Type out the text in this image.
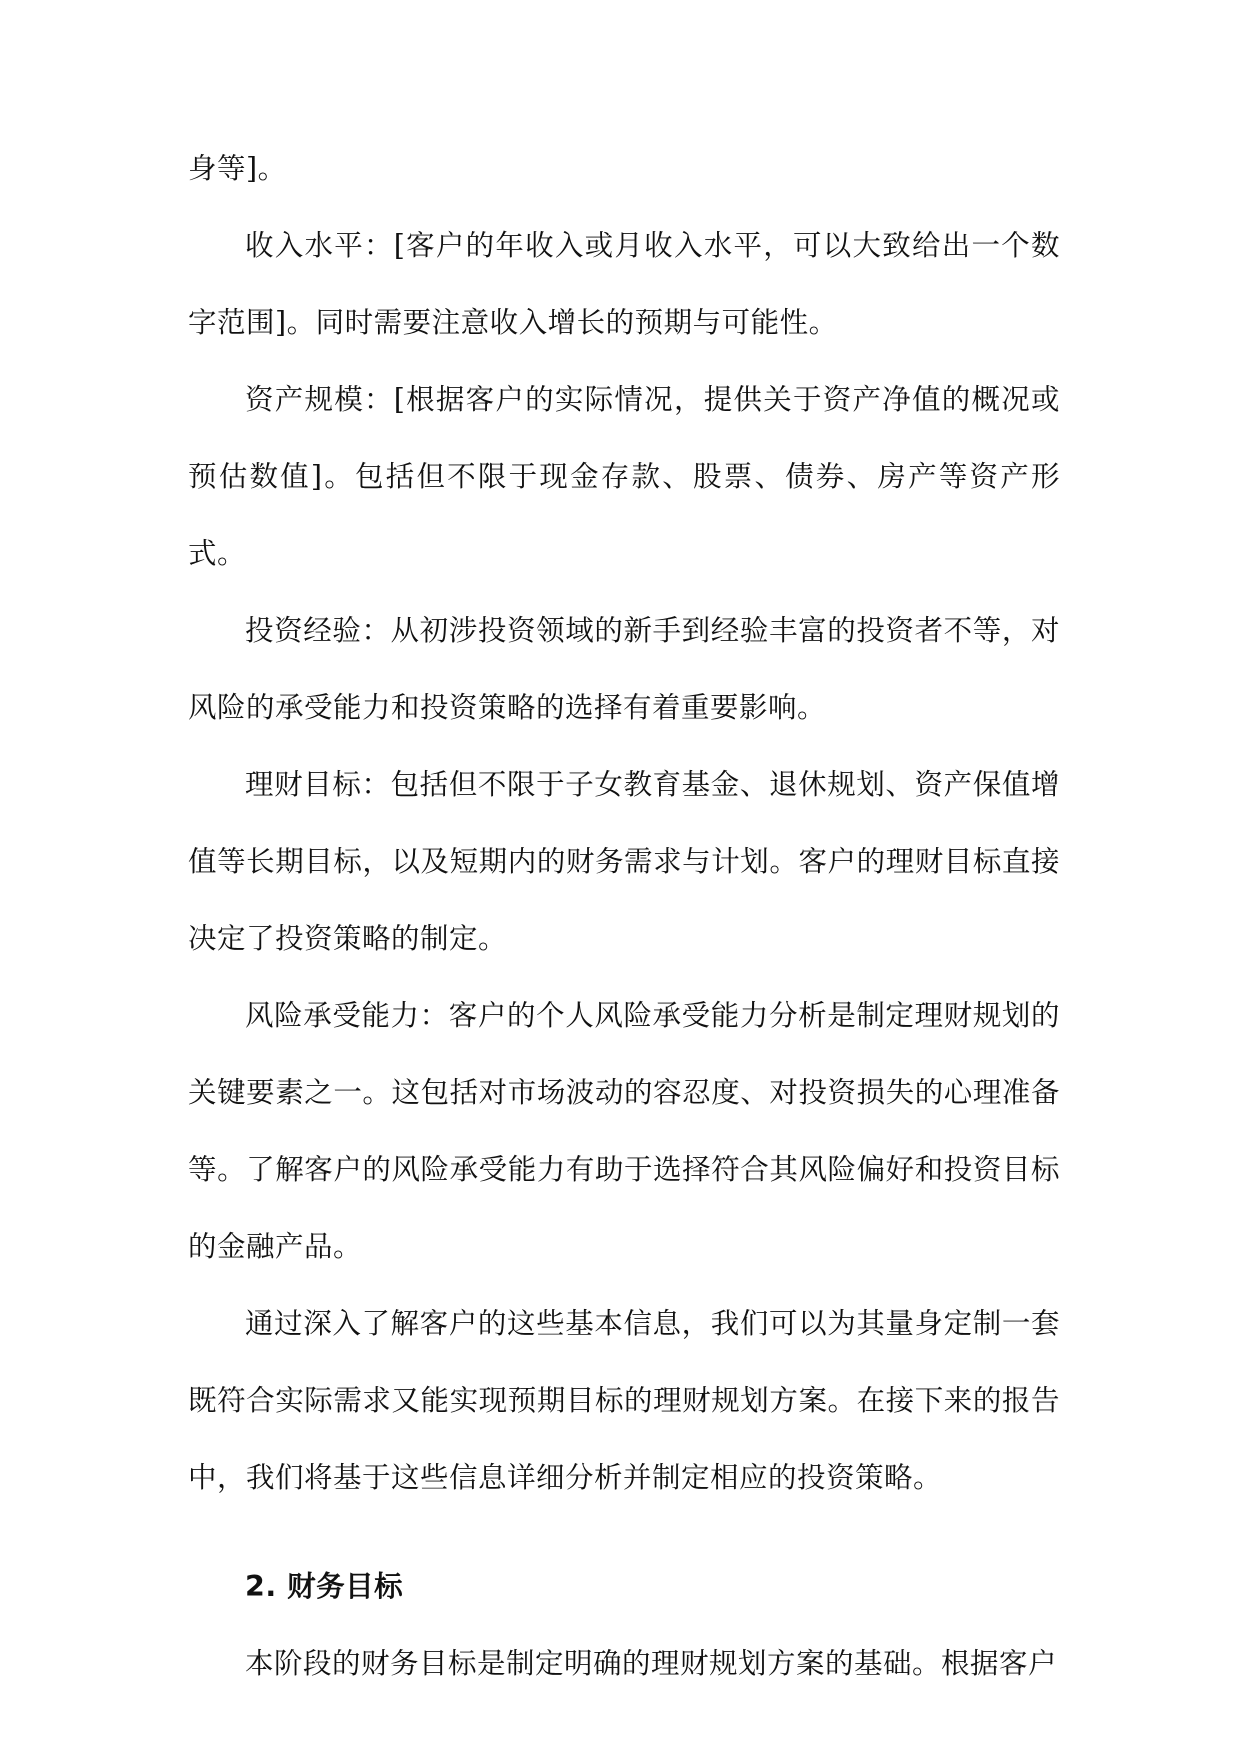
身等]。

收入水平：[客户的年收入或月收入水平，可以大致给出一个数字范围]。同时需要注意收入增长的预期与可能性。

资产规模：[根据客户的实际情况，提供关于资产净值的概况或预估数值]。包括但不限于现金存款、股票、债券、房产等资产形式。

投资经验：从初涉投资领域的新手到经验丰富的投资者不等，对风险的承受能力和投资策略的选择有着重要影响。

理财目标：包括但不限于子女教育基金、退休规划、资产保值增值等长期目标，以及短期内的财务需求与计划。客户的理财目标直接决定了投资策略的制定。

风险承受能力：客户的个人风险承受能力分析是制定理财规划的关键要素之一。这包括对市场波动的容忍度、对投资损失的心理准备等。了解客户的风险承受能力有助于选择符合其风险偏好和投资目标的金融产品。

通过深入了解客户的这些基本信息，我们可以为其量身定制一套既符合实际需求又能实现预期目标的理财规划方案。在接下来的报告中，我们将基于这些信息详细分析并制定相应的投资策略。

2. 财务目标

本阶段的财务目标是制定明确的理财规划方案的基础。根据客户
